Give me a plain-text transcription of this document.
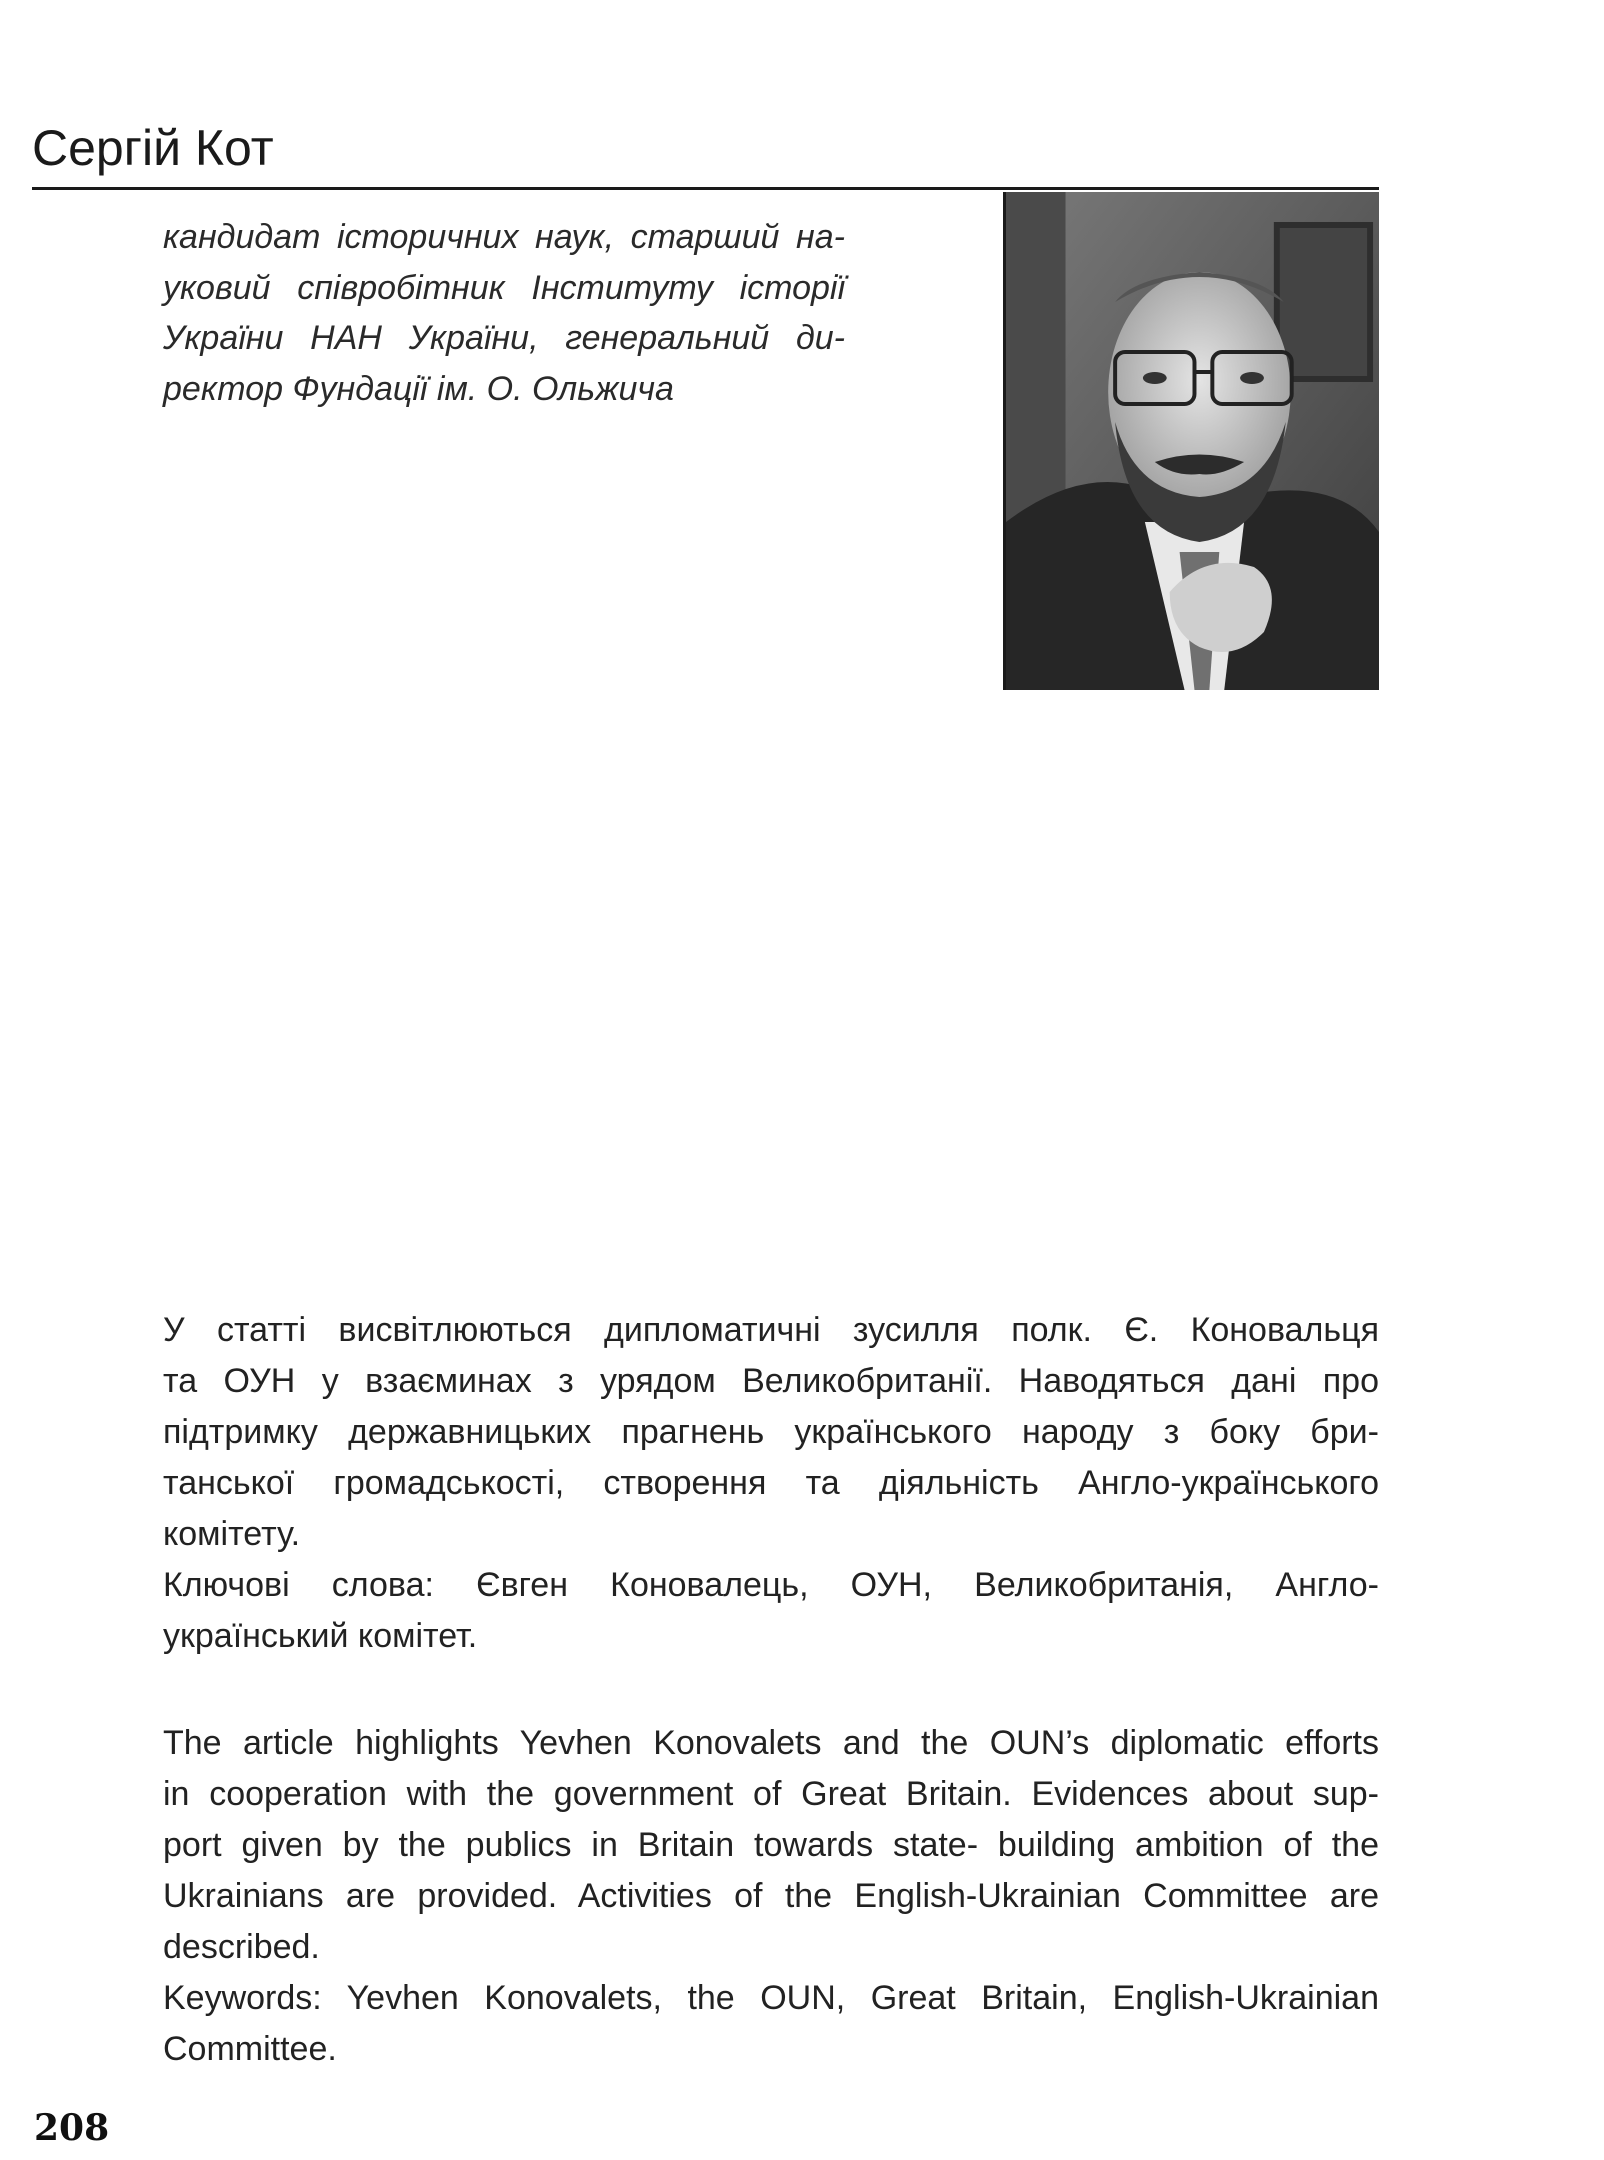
Сергій Кот
кандидат історичних наук, старший на-
уковий співробітник Інституту історії
України НАН України, генеральний ди-
ректор Фундації ім. О. Ольжича
У статті висвітлюються дипломатичні зусилля полк. Є. Коновальця
та ОУН у взаєминах з урядом Великобританії. Наводяться дані про
підтримку державницьких прагнень українського народу з боку бри-
танської громадськості, створення та діяльність Англо-українського
комітету.
Ключові слова: Євген Коновалець, ОУН, Великобританія, Англо-
український комітет.
The article highlights Yevhen Konovalets and the OUN’s diplomatic efforts
in cooperation with the government of Great Britain. Evidences about sup-
port given by the publics in Britain towards state- building ambition of the
Ukrainians are provided. Activities of the English-Ukrainian Committee are
described.
Keywords: Yevhen Konovalets, the OUN, Great Britain, English-Ukrainian
Committee.
208
